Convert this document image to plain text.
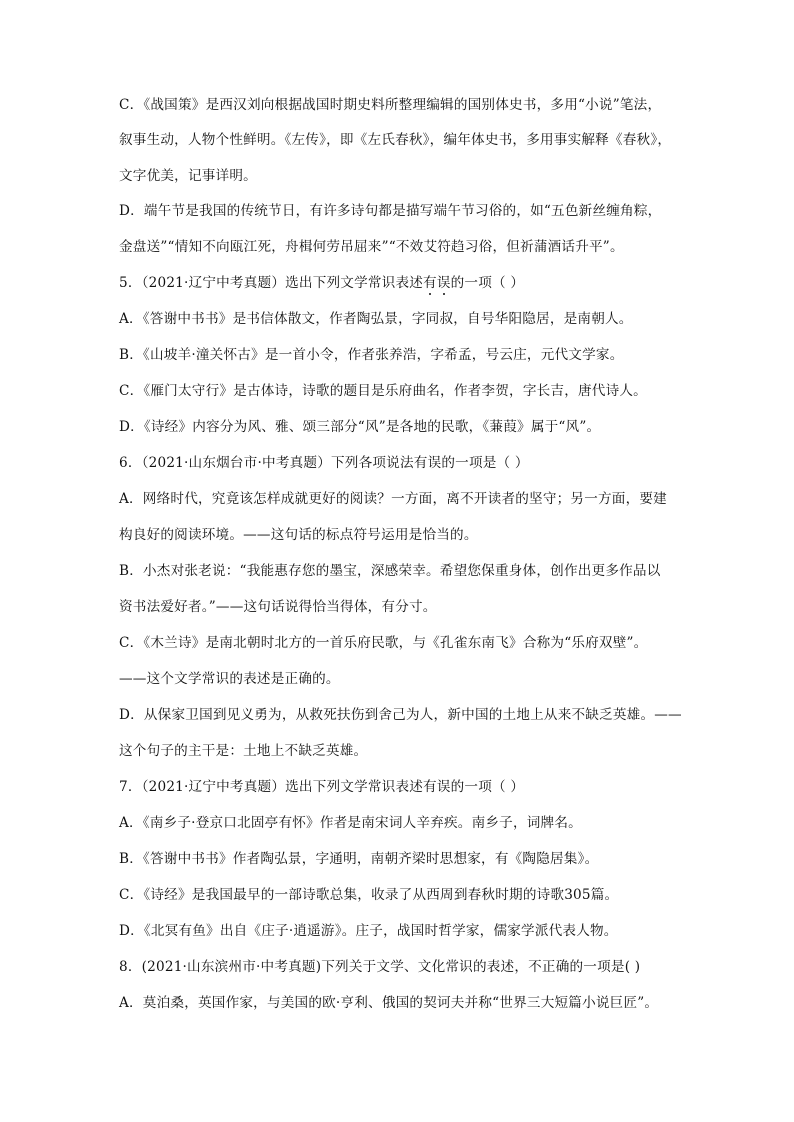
C．《战国策》是西汉刘向根据战国时期史料所整理编辑的国别体史书，多用“小说”笔法，
叙事生动，人物个性鲜明。《左传》，即《左氏春秋》，编年体史书，多用事实解释《春秋》，
文字优美，记事详明。
D．端午节是我国的传统节日，有许多诗句都是描写端午节习俗的，如“五色新丝缠角粽，
金盘送”“情知不向瓯江死，舟楫何劳吊屈来”“不效艾符趋习俗，但祈蒲酒话升平”。
5．（2021·辽宁中考真题）选出下列文学常识表述有误的一项（ ）
A．《答谢中书书》是书信体散文，作者陶弘景，字同叔，自号华阳隐居，是南朝人。
B．《山坡羊·潼关怀古》是一首小令，作者张养浩，字希孟，号云庄，元代文学家。
C．《雁门太守行》是古体诗，诗歌的题目是乐府曲名，作者李贺，字长吉，唐代诗人。
D．《诗经》内容分为风、雅、颂三部分“风”是各地的民歌，《蒹葭》属于“风”。
6．（2021·山东烟台市·中考真题）下列各项说法有误的一项是（ ）
A．网络时代，究竟该怎样成就更好的阅读？一方面，离不开读者的坚守；另一方面，要建
构良好的阅读环境。——这句话的标点符号运用是恰当的。
B．小杰对张老说：“我能惠存您的墨宝，深感荣幸。希望您保重身体，创作出更多作品以
资书法爱好者。”——这句话说得恰当得体，有分寸。
C．《木兰诗》是南北朝时北方的一首乐府民歌，与《孔雀东南飞》合称为“乐府双壁”。
——这个文学常识的表述是正确的。
D．从保家卫国到见义勇为，从救死扶伤到舍己为人，新中国的土地上从来不缺乏英雄。——
这个句子的主干是：土地上不缺乏英雄。
7．（2021·辽宁中考真题）选出下列文学常识表述有误的一项（ ）
A．《南乡子·登京口北固亭有怀》作者是南宋词人辛弃疾。南乡子，词牌名。
B．《答谢中书书》作者陶弘景，字通明，南朝齐梁时思想家，有《陶隐居集》。
C．《诗经》是我国最早的一部诗歌总集，收录了从西周到春秋时期的诗歌305篇。
D．《北冥有鱼》出自《庄子·逍遥游》。庄子，战国时哲学家，儒家学派代表人物。
8．(2021·山东滨州市·中考真题)下列关于文学、文化常识的表述，不正确的一项是( )
A．莫泊桑，英国作家，与美国的欧·亨利、俄国的契诃夫并称“世界三大短篇小说巨匠”。
